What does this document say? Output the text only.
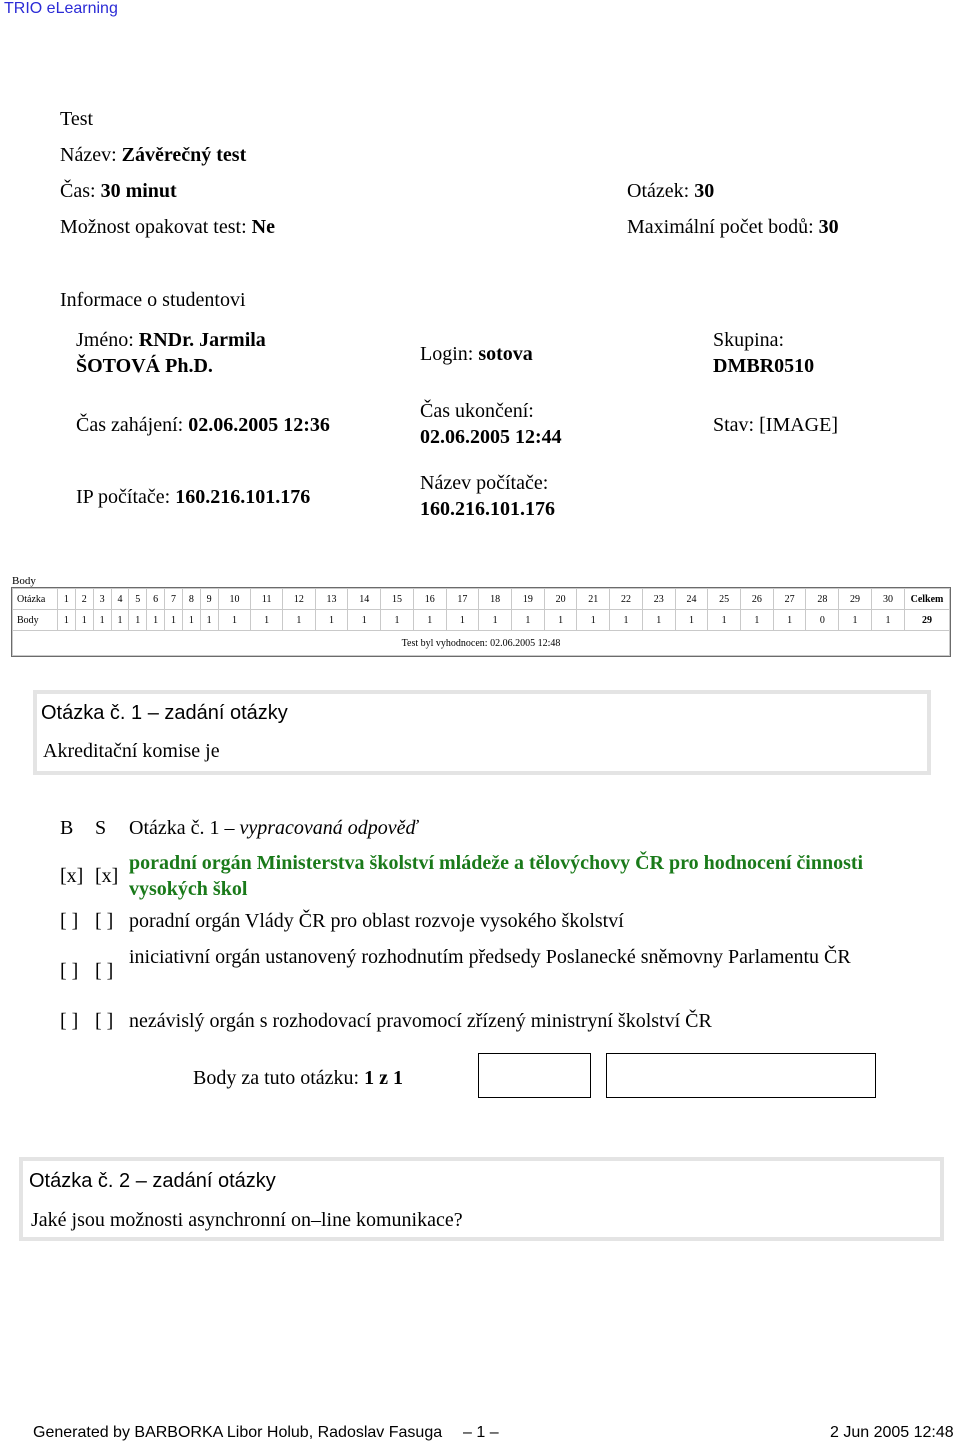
TRIO eLearning
Test
Název: Závěrečný test
Čas: 30 minut	Otázek: 30
Možnost opakovat test: Ne	Maximální počet bodů: 30
Informace o studentovi
Jméno: RNDr. Jarmila
ŠOTOVÁ Ph.D.
Login: sotova
Skupina:
DMBR0510
Čas zahájení: 02.06.2005 12:36
Čas ukončení:
02.06.2005 12:44
Stav: [IMAGE]
IP počítače: 160.216.101.176
Název počítače:
160.216.101.176
Body
Otázka	1	2	3	4	5	6	7	8	9	10	11	12	13	14	15	16	17	18	19	20	21	22	23	24	25	26	27	28	29	30	Celkem
Body	1	1	1	1	1	1	1	1	1	1	1	1	1	1	1	1	1	1	1	1	1	1	1	1	1	1	1	0	1	1	29
Test byl vyhodnocen: 02.06.2005 12:48																															
Otázka č. 1 – zadání otázky
Akreditační komise je
B S Otázka č. 1 – vypracovaná odpověď
[x] [x]
poradní orgán Ministerstva školství mládeže a tělovýchovy ČR pro hodnocení činnosti vysokých škol
[ ] [ ] poradní orgán Vlády ČR pro oblast rozvoje vysokého školství
[ ] [ ]
iniciativní orgán ustanovený rozhodnutím předsedy Poslanecké sněmovny Parlamentu ČR
[ ] [ ] nezávislý orgán s rozhodovací pravomocí zřízený ministryní školství ČR
Body za tuto otázku: 1 z 1
Otázka č. 2 – zadání otázky
Jaké jsou možnosti asynchronní on–line komunikace?
Generated by BARBORKA Libor Holub, Radoslav Fasuga – 1 –	2 Jun 2005 12:48
